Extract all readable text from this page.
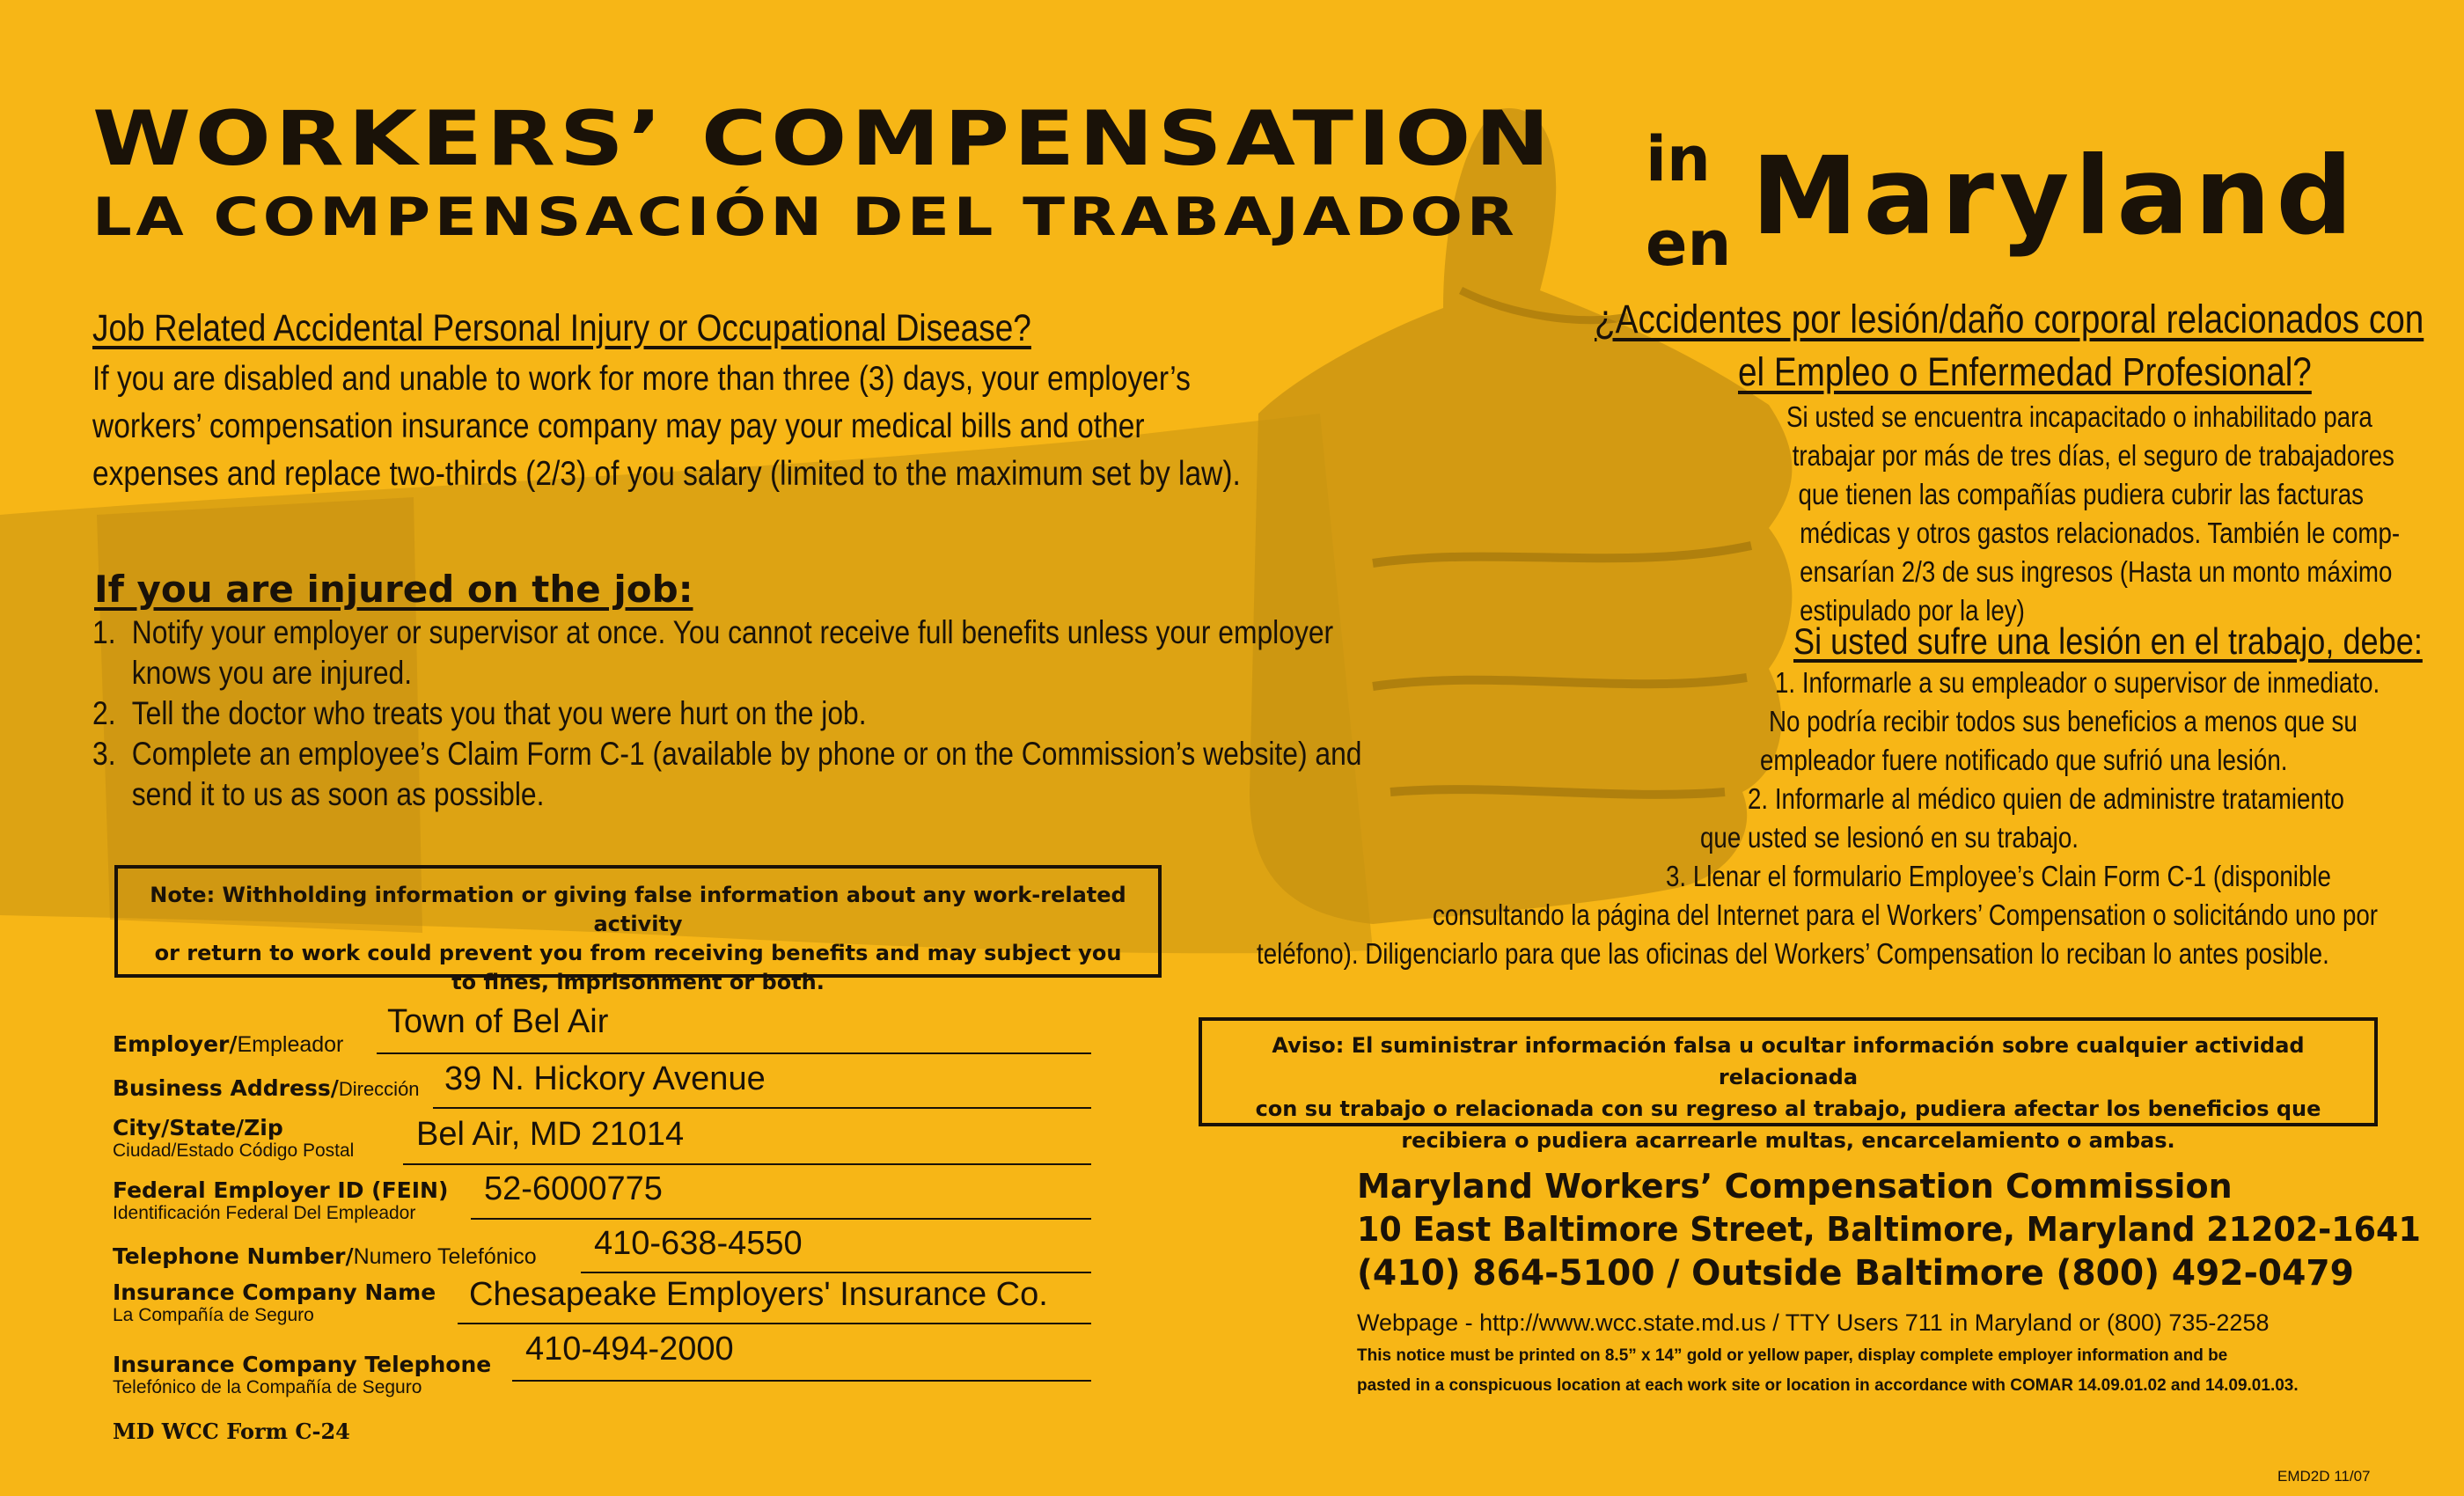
WORKERS’ COMPENSATION
LA COMPENSACIÓN DEL TRABAJADOR
in
en Maryland
Job Related Accidental Personal Injury or Occupational Disease?
If you are disabled and unable to work for more than three (3) days, your employer’s
workers’ compensation insurance company may pay your medical bills and other
expenses and replace two-thirds (2/3) of you salary (limited to the maximum set by law).
If you are injured on the job:
1. Notify your employer or supervisor at once. You cannot receive full benefits unless your employer
knows you are injured.
2. Tell the doctor who treats you that you were hurt on the job.
3. Complete an employee’s Claim Form C-1 (available by phone or on the Commission’s website) and
send it to us as soon as possible.
Note: Withholding information or giving false information about any work-related activity
or return to work could prevent you from receiving benefits and may subject you
to fines, imprisonment or both.
Employer/Empleador
Town of Bel Air
Business Address/Dirección 39 N. Hickory Avenue
City/State/Zip
Ciudad/Estado Código Postal Bel Air, MD 21014
Federal Employer ID (FEIN)
Identificación Federal Del Empleador
52-6000775
Telephone Number/Numero Telefónico 410-638-4550
Insurance Company Name
La Compañía de Seguro
Chesapeake Employers' Insurance Co.
Insurance Company Telephone
Telefónico de la Compañía de Seguro
410-494-2000
MD WCC Form C-24
¿Accidentes por lesión/daño corporal relacionados con
el Empleo o Enfermedad Profesional?
Si usted se encuentra incapacitado o inhabilitado para
trabajar por más de tres días, el seguro de trabajadores
que tienen las compañías pudiera cubrir las facturas
médicas y otros gastos relacionados. También le comp-
ensarían 2/3 de sus ingresos (Hasta un monto máximo
estipulado por la ley)
Si usted sufre una lesión en el trabajo, debe:
1. Informarle a su empleador o supervisor de inmediato.
No podría recibir todos sus beneficios a menos que su
empleador fuere notificado que sufrió una lesión.
2. Informarle al médico quien de administre tratamiento
que usted se lesionó en su trabajo.
3. Llenar el formulario Employee’s Clain Form C-1 (disponible
consultando la página del Internet para el Workers’ Compensation o solicitándo uno por
teléfono). Diligenciarlo para que las oficinas del Workers’ Compensation lo reciban lo antes posible.
Aviso: El suministrar información falsa u ocultar información sobre cualquier actividad relacionada
con su trabajo o relacionada con su regreso al trabajo, pudiera afectar los beneficios que
recibiera o pudiera acarrearle multas, encarcelamiento o ambas.
Maryland Workers’ Compensation Commission
10 East Baltimore Street, Baltimore, Maryland 21202-1641
(410) 864-5100 / Outside Baltimore (800) 492-0479
Webpage - http://www.wcc.state.md.us / TTY Users 711 in Maryland or (800) 735-2258
This notice must be printed on 8.5” x 14” gold or yellow paper, display complete employer information and be
pasted in a conspicuous location at each work site or location in accordance with COMAR 14.09.01.02 and 14.09.01.03.
EMD2D 11/07
